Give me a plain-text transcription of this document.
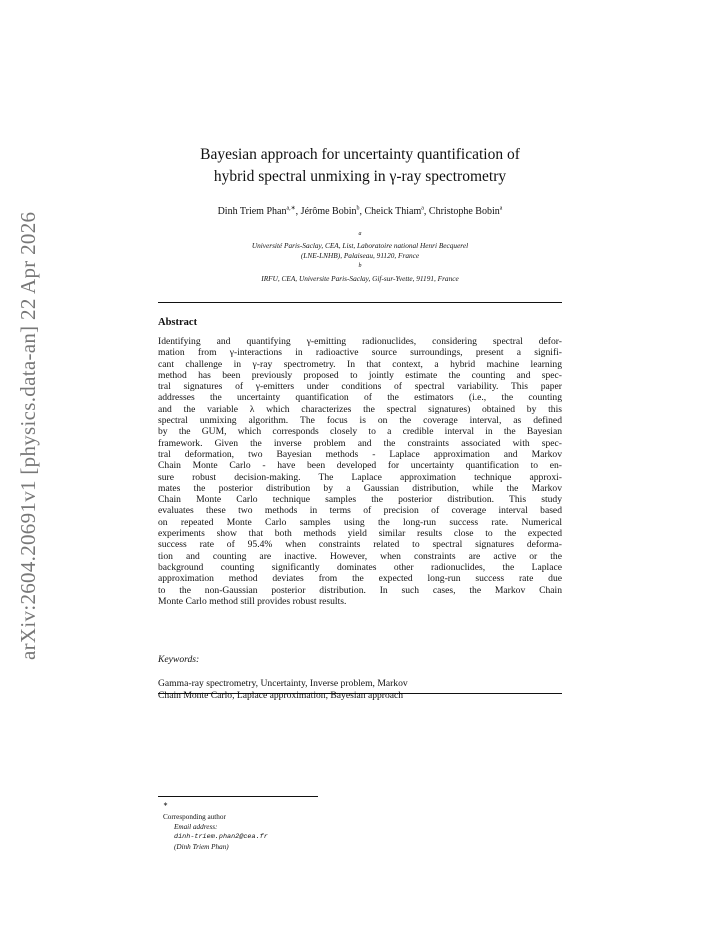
arXiv:2604.20691v1 [physics.data-an] 22 Apr 2026
Bayesian approach for uncertainty quantification of
hybrid spectral unmixing in γ-ray spectrometry
Dinh Triem Phan$^{a,∗}$, Jérôme Bobin$^b$, Cheick Thiam$^a$, Christophe Bobin$^a$
$^a$
Université Paris-Saclay, CEA, List, Laboratoire national Henri Becquerel
(LNE-LNHB), Palaiseau, 91120, France
$^b$
IRFU, CEA, Universite Paris-Saclay, Gif-sur-Yvette, 91191, France
Abstract
Identifying and quantifying γ-emitting radionuclides, considering spectral defor-
mation from γ-interactions in radioactive source surroundings, present a signifi-
cant challenge in γ-ray spectrometry. In that context, a hybrid machine learning
method has been previously proposed to jointly estimate the counting and spec-
tral signatures of γ-emitters under conditions of spectral variability. This paper
addresses the uncertainty quantification of the estimators (i.e., the counting
and the variable λ which characterizes the spectral signatures) obtained by this
spectral unmixing algorithm. The focus is on the coverage interval, as defined
by the GUM, which corresponds closely to a credible interval in the Bayesian
framework. Given the inverse problem and the constraints associated with spec-
tral deformation, two Bayesian methods - Laplace approximation and Markov
Chain Monte Carlo - have been developed for uncertainty quantification to en-
sure robust decision-making. The Laplace approximation technique approxi-
mates the posterior distribution by a Gaussian distribution, while the Markov
Chain Monte Carlo technique samples the posterior distribution. This study
evaluates these two methods in terms of precision of coverage interval based
on repeated Monte Carlo samples using the long-run success rate. Numerical
experiments show that both methods yield similar results close to the expected
success rate of 95.4% when constraints related to spectral signatures deforma-
tion and counting are inactive. However, when constraints are active or the
background counting significantly dominates other radionuclides, the Laplace
approximation method deviates from the expected long-run success rate due
to the non-Gaussian posterior distribution. In such cases, the Markov Chain
Monte Carlo method still provides robust results.
Keywords:

Gamma-ray spectrometry, Uncertainty, Inverse problem, Markov
Chain Monte Carlo, Laplace approximation, Bayesian approach
∗
Corresponding author
Email address:
dinh-triem.phan2@cea.fr
(Dinh Triem Phan)
